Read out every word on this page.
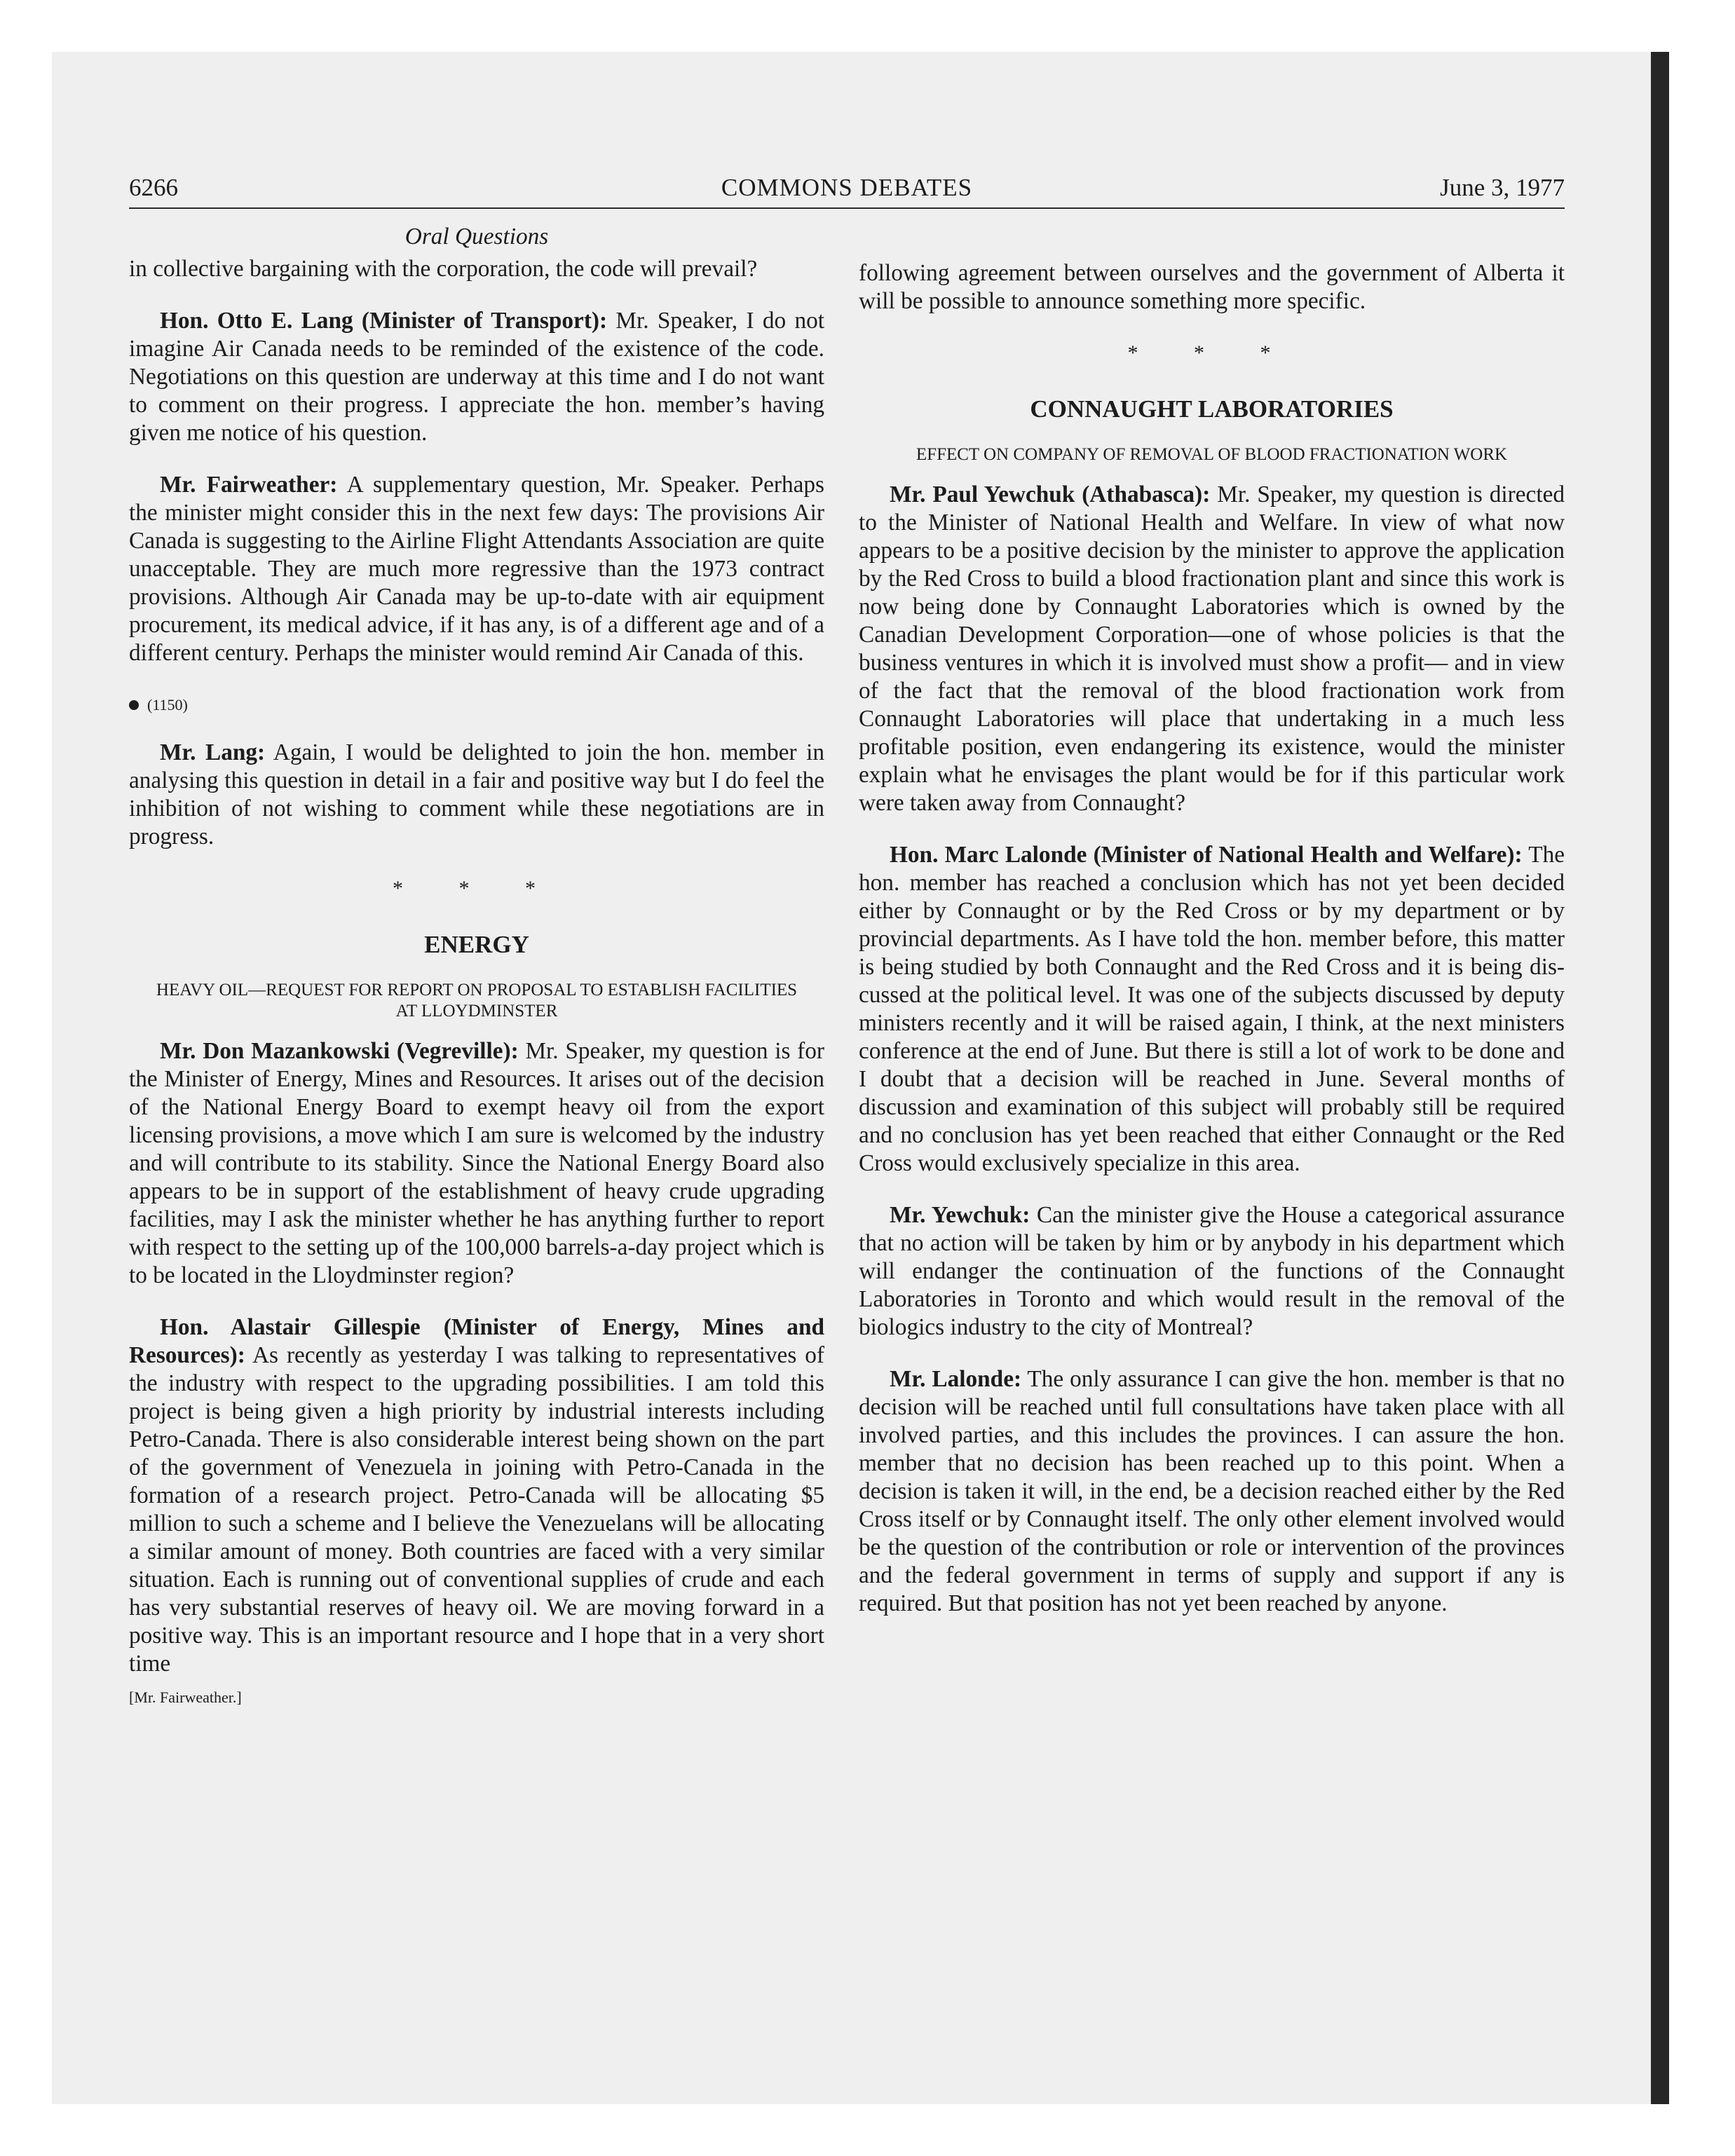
6266	COMMONS DEBATES	June 3, 1977
Oral Questions

in collective bargaining with the corporation, the code will prevail?

Hon. Otto E. Lang (Minister of Transport): Mr. Speaker, I do not imagine Air Canada needs to be reminded of the existence of the code. Negotiations on this question are underway at this time and I do not want to comment on their progress. I appreciate the hon. member’s having given me notice of his question.

Mr. Fairweather: A supplementary question, Mr. Speaker. Perhaps the minister might consider this in the next few days: The provisions Air Canada is suggesting to the Airline Flight Attendants Association are quite unacceptable. They are much more regressive than the 1973 contract provisions. Although Air Canada may be up-to-date with air equipment procurement, its medical advice, if it has any, is of a different age and of a different century. Perhaps the minister would remind Air Canada of this.

(1150)

Mr. Lang: Again, I would be delighted to join the hon. member in analysing this question in detail in a fair and positive way but I do feel the inhibition of not wishing to comment while these negotiations are in progress.

* * *
ENERGY
HEAVY OIL—REQUEST FOR REPORT ON PROPOSAL TO ESTABLISH FACILITIES AT LLOYDMINSTER

Mr. Don Mazankowski (Vegreville): Mr. Speaker, my question is for the Minister of Energy, Mines and Resources. It arises out of the decision of the National Energy Board to exempt heavy oil from the export licensing provisions, a move which I am sure is welcomed by the industry and will contribute to its stability. Since the National Energy Board also appears to be in support of the establishment of heavy crude upgrading facilities, may I ask the minister whether he has anything further to report with respect to the setting up of the 100,000 barrels-a-day project which is to be located in the Lloydminster region?

Hon. Alastair Gillespie (Minister of Energy, Mines and Resources): As recently as yesterday I was talking to representatives of the industry with respect to the upgrading possibilities. I am told this project is being given a high priority by industrial interests including Petro-Canada. There is also considerable interest being shown on the part of the government of Venezuela in joining with Petro-Canada in the formation of a research project. Petro-Canada will be allocating $5 million to such a scheme and I believe the Venezuelans will be allocating a similar amount of money. Both countries are faced with a very similar situation. Each is running out of conventional supplies of crude and each has very substantial reserves of heavy oil. We are moving forward in a positive way. This is an important resource and I hope that in a very short time

[Mr. Fairweather.]

following agreement between ourselves and the government of Alberta it will be possible to announce something more specific.

* * *
CONNAUGHT LABORATORIES
EFFECT ON COMPANY OF REMOVAL OF BLOOD FRACTIONATION WORK

Mr. Paul Yewchuk (Athabasca): Mr. Speaker, my question is directed to the Minister of National Health and Welfare. In view of what now appears to be a positive decision by the minister to approve the application by the Red Cross to build a blood fractionation plant and since this work is now being done by Connaught Laboratories which is owned by the Canadian Development Corporation—one of whose policies is that the business ventures in which it is involved must show a profit— and in view of the fact that the removal of the blood fractionation work from Connaught Laboratories will place that undertaking in a much less profitable position, even endangering its existence, would the minister explain what he envisages the plant would be for if this particular work were taken away from Connaught?

Hon. Marc Lalonde (Minister of National Health and Welfare): The hon. member has reached a conclusion which has not yet been decided either by Connaught or by the Red Cross or by my department or by provincial departments. As I have told the hon. member before, this matter is being studied by both Connaught and the Red Cross and it is being discussed at the political level. It was one of the subjects discussed by deputy ministers recently and it will be raised again, I think, at the next ministers conference at the end of June. But there is still a lot of work to be done and I doubt that a decision will be reached in June. Several months of discussion and examination of this subject will probably still be required and no conclusion has yet been reached that either Connaught or the Red Cross would exclusively specialize in this area.

Mr. Yewchuk: Can the minister give the House a categorical assurance that no action will be taken by him or by anybody in his department which will endanger the continuation of the functions of the Connaught Laboratories in Toronto and which would result in the removal of the biologics industry to the city of Montreal?

Mr. Lalonde: The only assurance I can give the hon. member is that no decision will be reached until full consultations have taken place with all involved parties, and this includes the provinces. I can assure the hon. member that no decision has been reached up to this point. When a decision is taken it will, in the end, be a decision reached either by the Red Cross itself or by Connaught itself. The only other element involved would be the question of the contribution or role or intervention of the provinces and the federal government in terms of supply and support if any is required. But that position has not yet been reached by anyone.
